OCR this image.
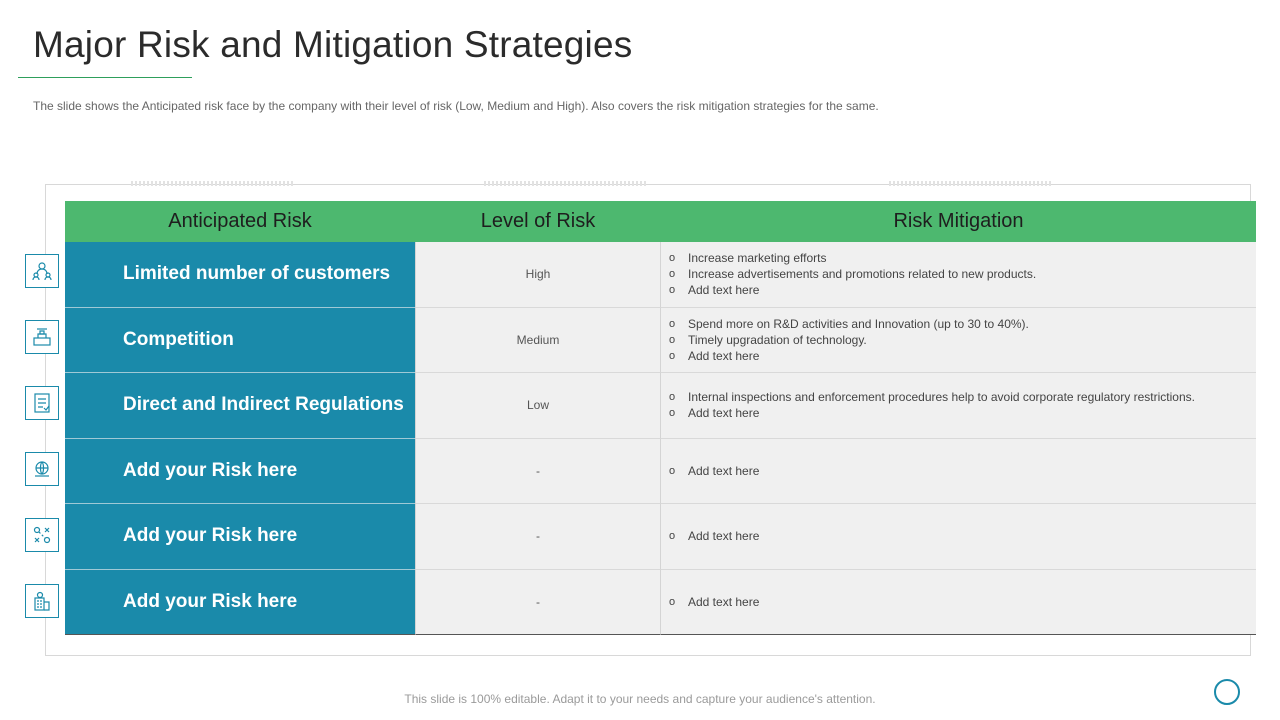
Major Risk and Mitigation Strategies
The slide shows the Anticipated risk face by the company with their level of risk (Low, Medium and High). Also covers the risk mitigation strategies for the same.
Anticipated Risk	Level of Risk	Risk Mitigation
Limited number of customers	High
o	Increase marketing efforts
o	Increase advertisements and promotions related to new products.
o	Add text here
Competition	Medium
o	Spend more on R&D activities and Innovation (up to 30 to 40%).
o	Timely upgradation of technology.
o	Add text here
Direct and Indirect Regulations	Low
o	Internal inspections and enforcement procedures help to avoid corporate regulatory restrictions.
o	Add text here
Add your Risk here	-	o	Add text here
Add your Risk here	-	o	Add text here
Add your Risk here	-	o	Add text here
This slide is 100% editable. Adapt it to your needs and capture your audience's attention.
